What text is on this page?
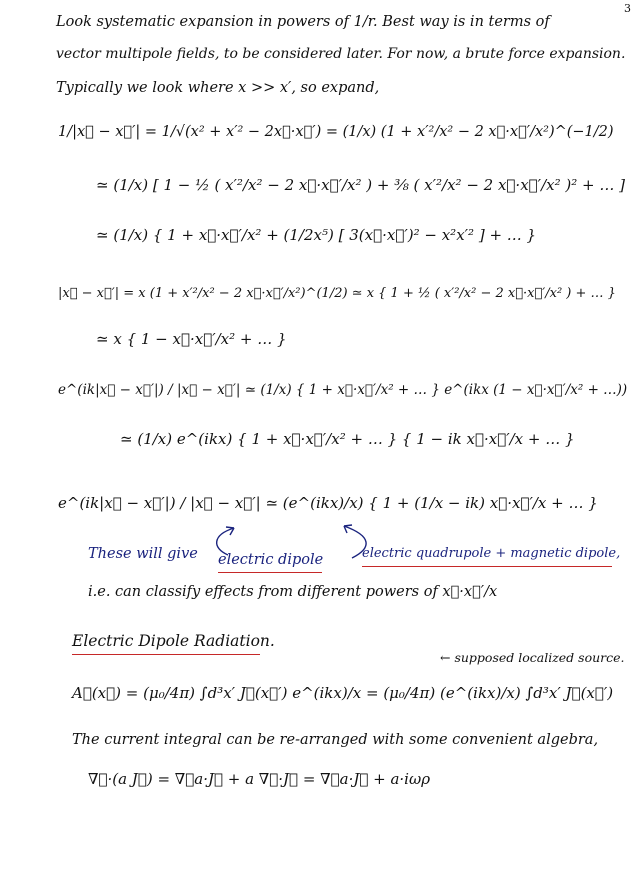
3
Look systematic expansion in powers of 1/r. Best way is in terms of
vector multipole fields, to be considered later. For now, a brute force expansion.
Typically we look where x >> x′, so expand,
1/|x⃗ − x⃗′| = 1/√(x² + x′² − 2x⃗·x⃗′) = (1/x) (1 + x′²/x² − 2 x⃗·x⃗′/x²)^(−1/2)
≃ (1/x) [ 1 − ½ ( x′²/x² − 2 x⃗·x⃗′/x² ) + ⅜ ( x′²/x² − 2 x⃗·x⃗′/x² )² + … ]
≃ (1/x) { 1 + x⃗·x⃗′/x² + (1/2x⁵) [ 3(x⃗·x⃗′)² − x²x′² ] + … }
|x⃗ − x⃗′| = x (1 + x′²/x² − 2 x⃗·x⃗′/x²)^(1/2) ≃ x { 1 + ½ ( x′²/x² − 2 x⃗·x⃗′/x² ) + … }
≃ x { 1 − x⃗·x⃗′/x² + … }
e^(ik|x⃗ − x⃗′|) / |x⃗ − x⃗′| ≃ (1/x) { 1 + x⃗·x⃗′/x² + … } e^(ikx (1 − x⃗·x⃗′/x² + …))
≃ (1/x) e^(ikx) { 1 + x⃗·x⃗′/x² + … } { 1 − ik x⃗·x⃗′/x + … }
e^(ik|x⃗ − x⃗′|) / |x⃗ − x⃗′| ≃ (e^(ikx)/x) { 1 + (1/x − ik) x⃗·x⃗′/x + … }
These will give electric dipole	electric quadrupole + magnetic dipole,
i.e. can classify effects from different powers of x⃗·x⃗′/x
Electric Dipole Radiation.
← supposed localized source.
A⃗(x⃗) = (μ₀/4π) ∫d³x′ J⃗(x⃗′) e^(ikx)/x = (μ₀/4π) (e^(ikx)/x) ∫d³x′ J⃗(x⃗′)
The current integral can be re-arranged with some convenient algebra,
∇⃗·(a J⃗) = ∇⃗a·J⃗ + a ∇⃗·J⃗ = ∇⃗a·J⃗ + a·iωρ
